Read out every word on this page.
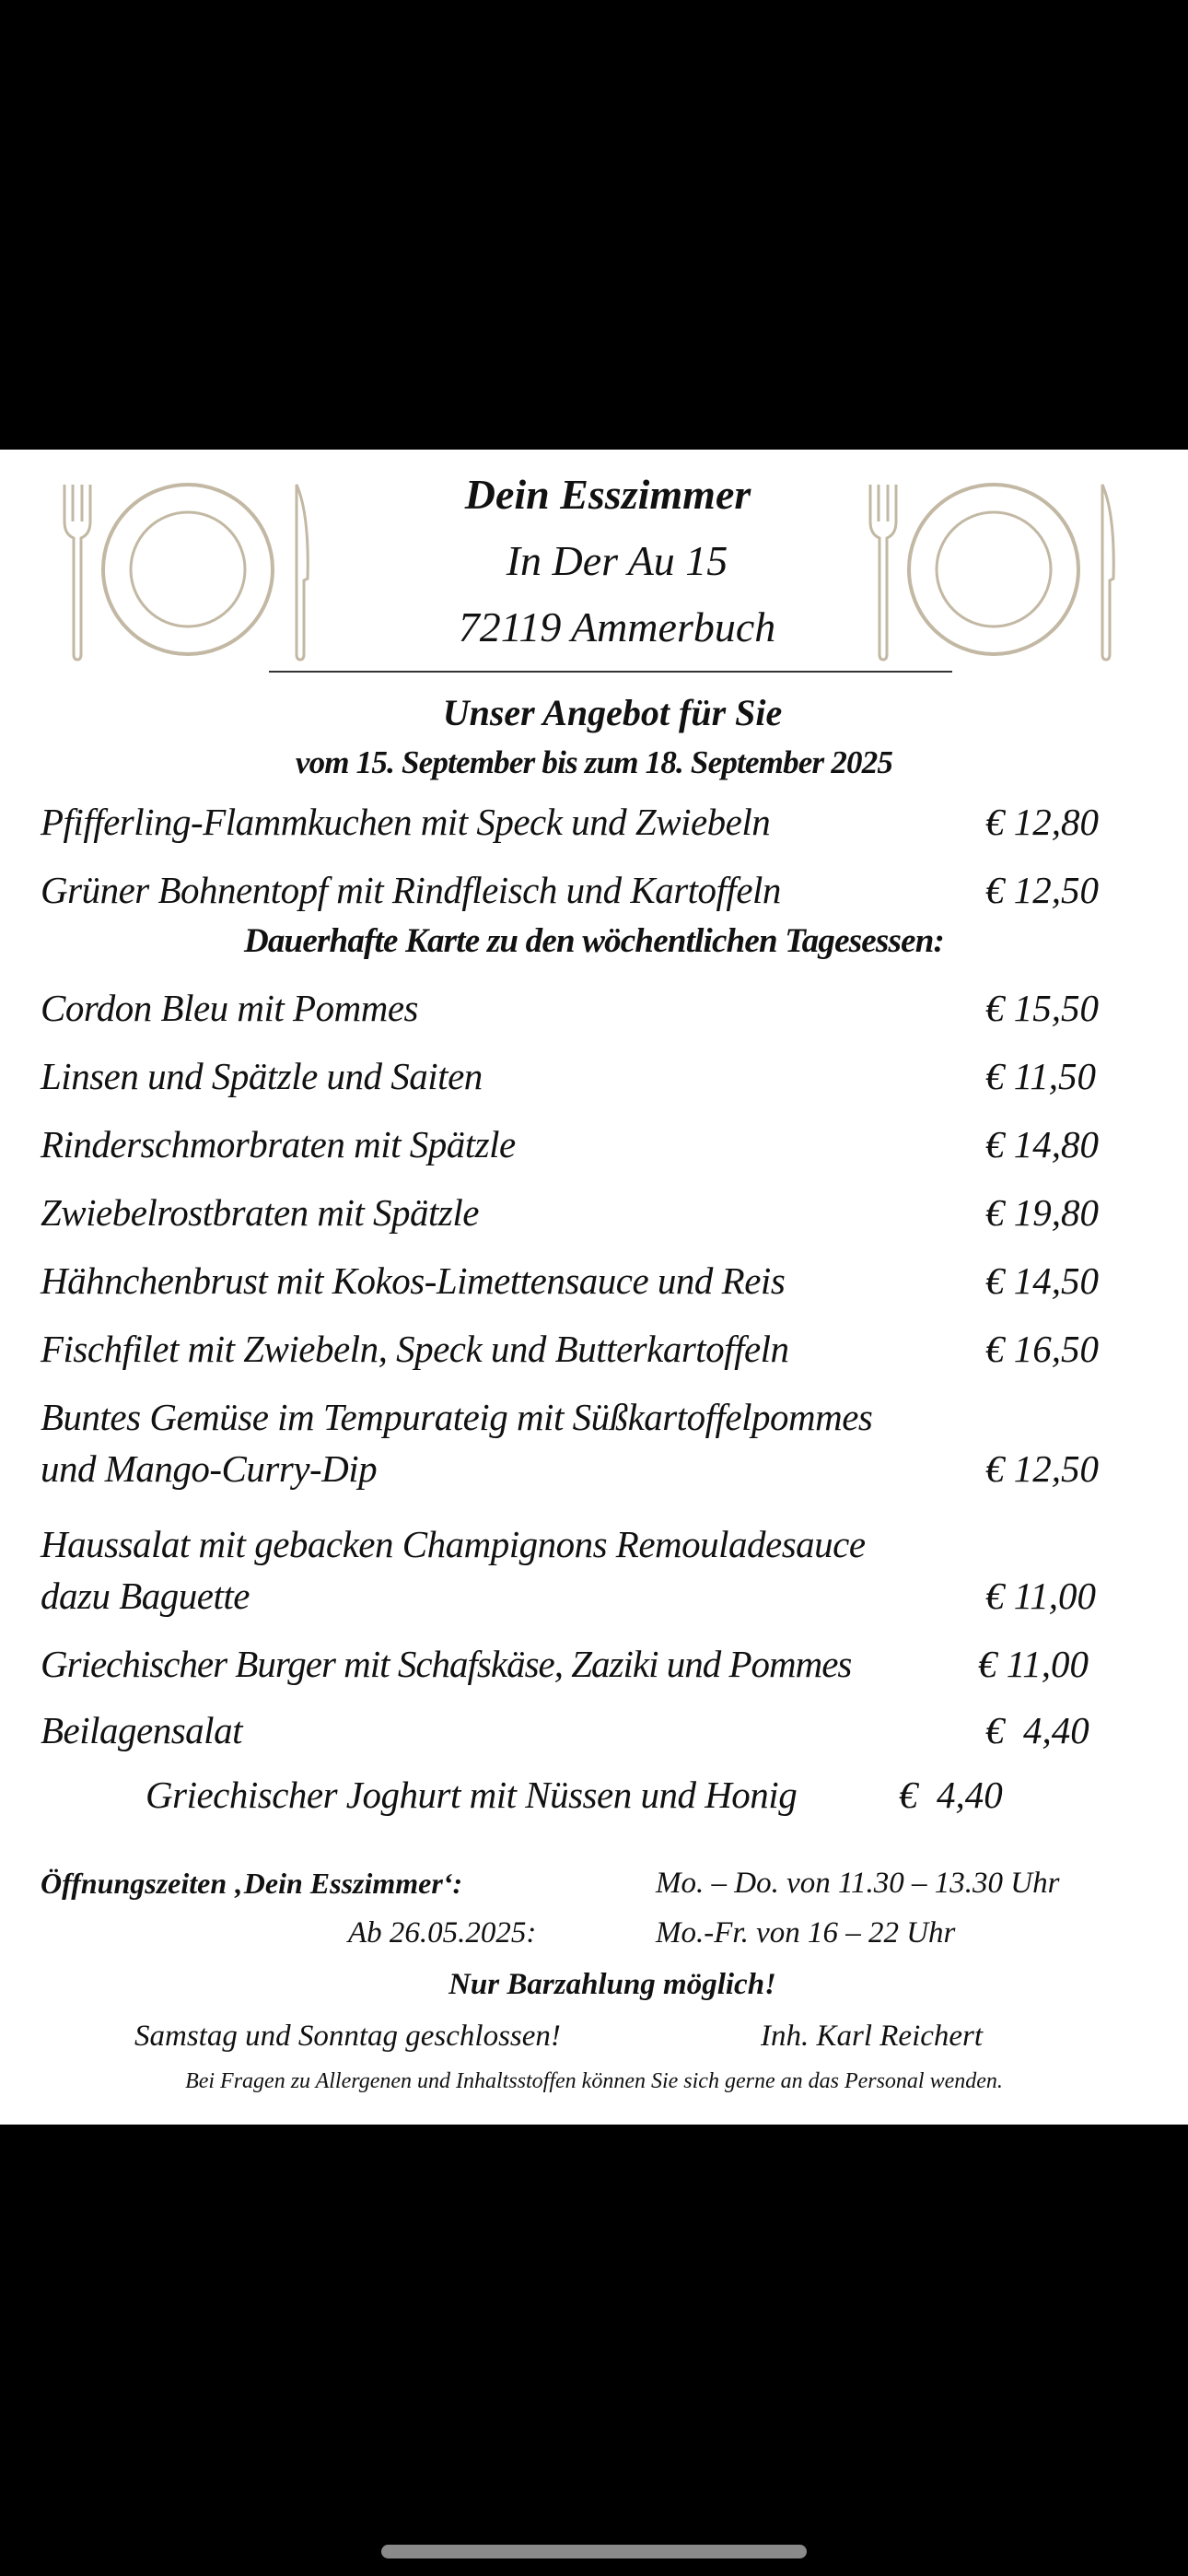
Dein Esszimmer
In Der Au 15
72119 Ammerbuch
Unser Angebot für Sie
vom 15. September bis zum 18. September 2025
Pfifferling-Flammkuchen mit Speck und Zwiebeln	€ 12,80
Grüner Bohnentopf mit Rindfleisch und Kartoffeln	€ 12,50
Dauerhafte Karte zu den wöchentlichen Tagesessen:
Cordon Bleu mit Pommes	€ 15,50
Linsen und Spätzle und Saiten	€ 11,50
Rinderschmorbraten mit Spätzle	€ 14,80
Zwiebelrostbraten mit Spätzle	€ 19,80
Hähnchenbrust mit Kokos-Limettensauce und Reis	€ 14,50
Fischfilet mit Zwiebeln, Speck und Butterkartoffeln	€ 16,50
Buntes Gemüse im Tempurateig mit Süßkartoffelpommes
und Mango-Curry-Dip	€ 12,50
Haussalat mit gebacken Champignons Remouladesauce
dazu Baguette	€ 11,00
Griechischer Burger mit Schafskäse, Zaziki und Pommes	€ 11,00
Beilagensalat	€  4,40
Griechischer Joghurt mit Nüssen und Honig	€  4,40
Öffnungszeiten ‚Dein Esszimmer‘:	Mo. – Do. von 11.30 – 13.30 Uhr
Ab 26.05.2025:	Mo.-Fr. von 16 – 22 Uhr
Nur Barzahlung möglich!
Samstag und Sonntag geschlossen!	Inh. Karl Reichert
Bei Fragen zu Allergenen und Inhaltsstoffen können Sie sich gerne an das Personal wenden.
